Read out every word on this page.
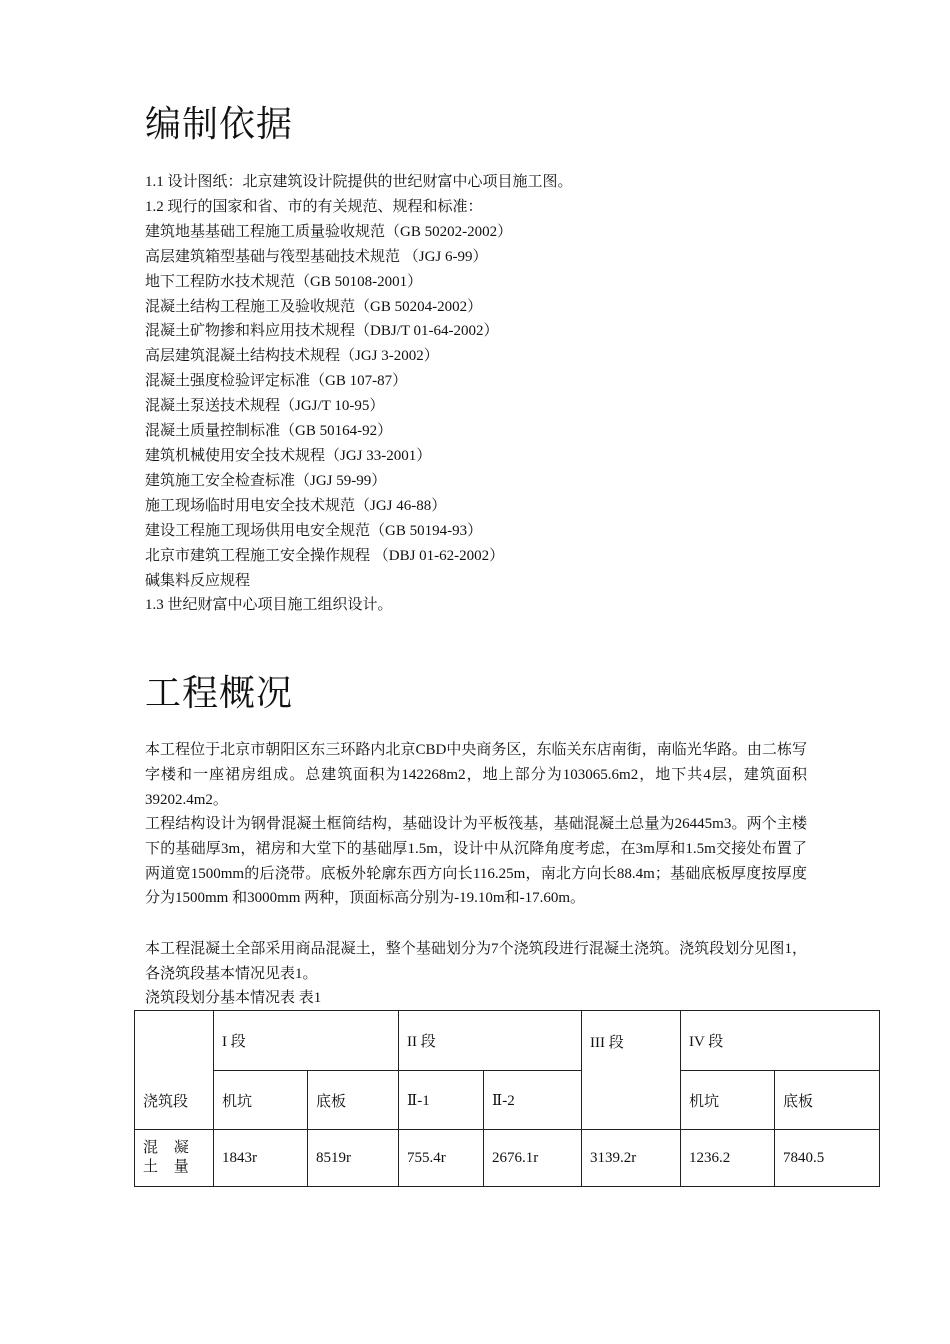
编制依据
1.1 设计图纸：北京建筑设计院提供的世纪财富中心项目施工图。
1.2 现行的国家和省、市的有关规范、规程和标准：
建筑地基基础工程施工质量验收规范（GB 50202-2002）
高层建筑箱型基础与筏型基础技术规范 （JGJ 6-99）
地下工程防水技术规范（GB 50108-2001）
混凝土结构工程施工及验收规范（GB 50204-2002）
混凝土矿物掺和料应用技术规程（DBJ/T 01-64-2002）
高层建筑混凝土结构技术规程（JGJ 3-2002）
混凝土强度检验评定标准（GB 107-87）
混凝土泵送技术规程（JGJ/T 10-95）
混凝土质量控制标准（GB 50164-92）
建筑机械使用安全技术规程（JGJ 33-2001）
建筑施工安全检查标准（JGJ 59-99）
施工现场临时用电安全技术规范（JGJ 46-88）
建设工程施工现场供用电安全规范（GB 50194-93）
北京市建筑工程施工安全操作规程 （DBJ 01-62-2002）
碱集料反应规程
1.3 世纪财富中心项目施工组织设计。
工程概况

本工程位于北京市朝阳区东三环路内北京CBD中央商务区，东临关东店南街，南临光华路。由二栋写字楼和一座裙房组成。总建筑面积为142268m2，地上部分为103065.6m2，地下共4层，建筑面积39202.4m2。

工程结构设计为钢骨混凝土框筒结构，基础设计为平板筏基，基础混凝土总量为26445m3。两个主楼下的基础厚3m，裙房和大堂下的基础厚1.5m，设计中从沉降角度考虑，在3m厚和1.5m交接处布置了两道宽1500mm的后浇带。底板外轮廓东西方向长116.25m，南北方向长88.4m；基础底板厚度按厚度分为1500mm 和3000mm 两种，顶面标高分别为-19.10m和-17.60m。

本工程混凝土全部采用商品混凝土，整个基础划分为7个浇筑段进行混凝土浇筑。浇筑段划分见图1，各浇筑段基本情况见表1。

浇筑段划分基本情况表 表1
浇筑段	I 段		II 段		III 段	IV 段	
	机坑	底板	Ⅱ-1	Ⅱ-2		机坑	底板
混 凝 土 量	1843r	8519r	755.4r	2676.1r	3139.2r	1236.2	7840.5
